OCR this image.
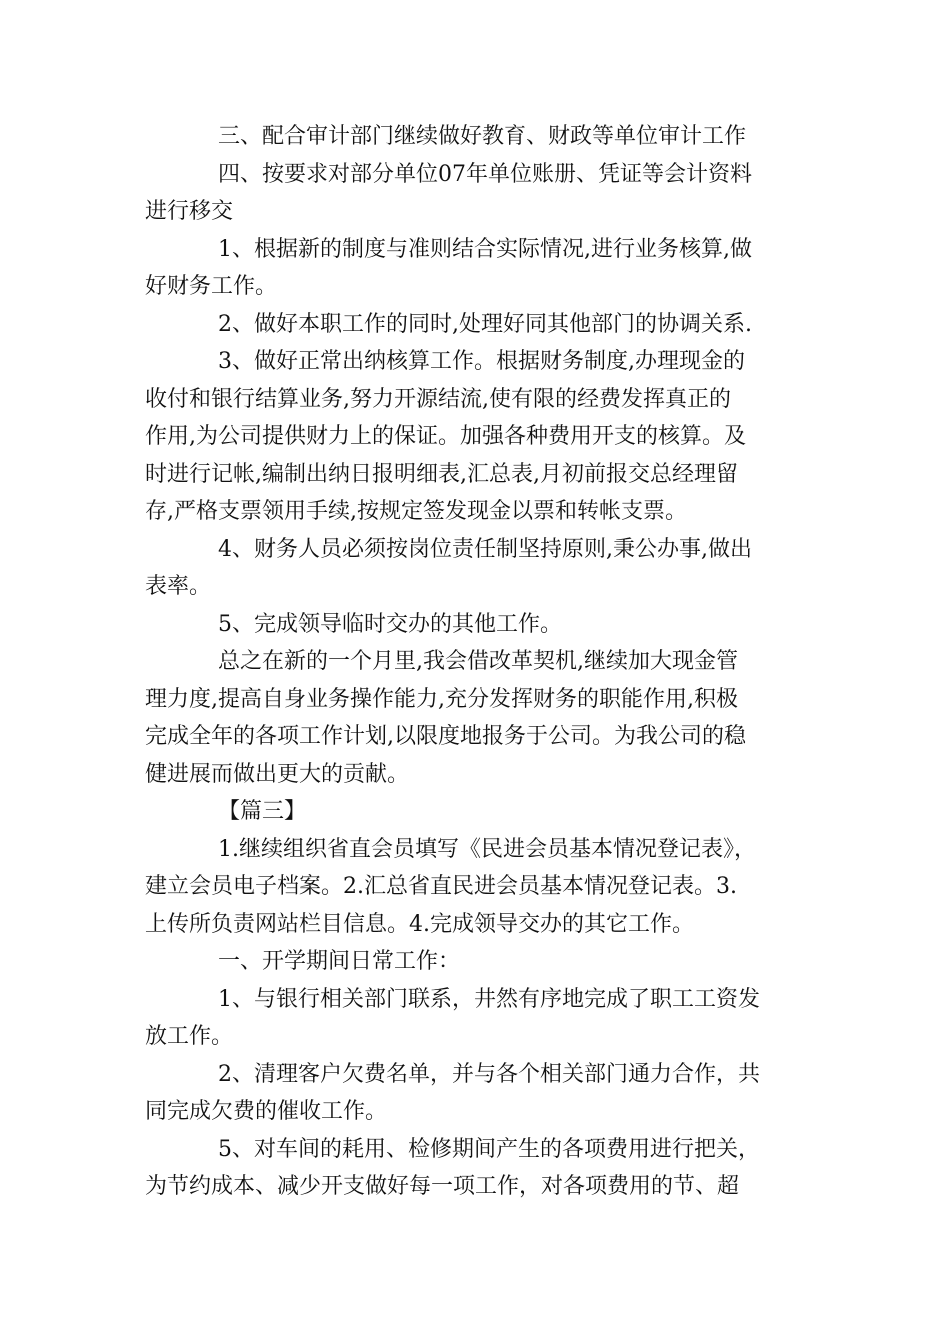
三、配合审计部门继续做好教育、财政等单位审计工作
四、按要求对部分单位07年单位账册、凭证等会计资料
进行移交
1、根据新的制度与准则结合实际情况,进行业务核算,做
好财务工作。
2、做好本职工作的同时,处理好同其他部门的协调关系.
3、做好正常出纳核算工作。根据财务制度,办理现金的
收付和银行结算业务,努力开源结流,使有限的经费发挥真正的
作用,为公司提供财力上的保证。加强各种费用开支的核算。及
时进行记帐,编制出纳日报明细表,汇总表,月初前报交总经理留
存,严格支票领用手续,按规定签发现金以票和转帐支票。
4、财务人员必须按岗位责任制坚持原则,秉公办事,做出
表率。
5、完成领导临时交办的其他工作。
总之在新的一个月里,我会借改革契机,继续加大现金管
理力度,提高自身业务操作能力,充分发挥财务的职能作用,积极
完成全年的各项工作计划,以限度地报务于公司。为我公司的稳
健进展而做出更大的贡献。
【篇三】
1.继续组织省直会员填写《民进会员基本情况登记表》，
建立会员电子档案。2.汇总省直民进会员基本情况登记表。3.
上传所负责网站栏目信息。4.完成领导交办的其它工作。
一、开学期间日常工作：
1、与银行相关部门联系，井然有序地完成了职工工资发
放工作。
2、清理客户欠费名单，并与各个相关部门通力合作，共
同完成欠费的催收工作。
5、对车间的耗用、检修期间产生的各项费用进行把关，
为节约成本、减少开支做好每一项工作，对各项费用的节、超
